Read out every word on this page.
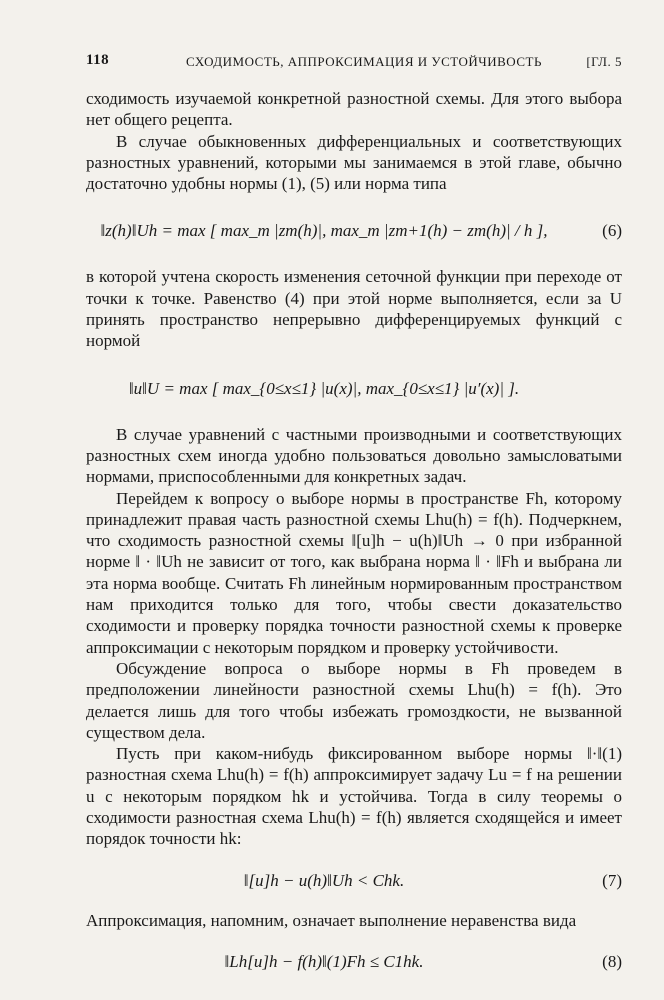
118	СХОДИМОСТЬ, АППРОКСИМАЦИЯ И УСТОЙЧИВОСТЬ	[ГЛ. 5

сходимость изучаемой конкретной разностной схемы. Для этого выбора нет общего рецепта.

В случае обыкновенных дифференциальных и соответствующих разностных уравнений, которыми мы занимаемся в этой главе, обычно достаточно удобны нормы (1), (5) или норма типа

‖z(h)‖Uh = max [ max_m |zm(h)|, max_m |zm+1(h) − zm(h)| / h ],	(6)

в которой учтена скорость изменения сеточной функции при переходе от точки к точке. Равенство (4) при этой норме выполняется, если за U принять пространство непрерывно дифференцируемых функций с нормой

‖u‖U = max [ max_{0≤x≤1} |u(x)|, max_{0≤x≤1} |u′(x)| ].

В случае уравнений с частными производными и соответствующих разностных схем иногда удобно пользоваться довольно замысловатыми нормами, приспособленными для конкретных задач.

Перейдем к вопросу о выборе нормы в пространстве Fh, которому принадлежит правая часть разностной схемы Lhu(h) = f(h). Подчеркнем, что сходимость разностной схемы ‖[u]h − u(h)‖Uh → 0 при избранной норме ‖ · ‖Uh не зависит от того, как выбрана норма ‖ · ‖Fh и выбрана ли эта норма вообще. Считать Fh линейным нормированным пространством нам приходится только для того, чтобы свести доказательство сходимости и проверку порядка точности разностной схемы к проверке аппроксимации с некоторым порядком и проверку устойчивости.

Обсуждение вопроса о выборе нормы в Fh проведем в предположении линейности разностной схемы Lhu(h) = f(h). Это делается лишь для того чтобы избежать громоздкости, не вызванной существом дела.

Пусть при каком-нибудь фиксированном выборе нормы ‖·‖(1) разностная схема Lhu(h) = f(h) аппроксимирует задачу Lu = f на решении u с некоторым порядком hk и устойчива. Тогда в силу теоремы о сходимости разностная схема Lhu(h) = f(h) является сходящейся и имеет порядок точности hk:

‖[u]h − u(h)‖Uh < Chk.	(7)

Аппроксимация, напомним, означает выполнение неравенства вида

‖Lh[u]h − f(h)‖(1)Fh ≤ C1hk.	(8)
